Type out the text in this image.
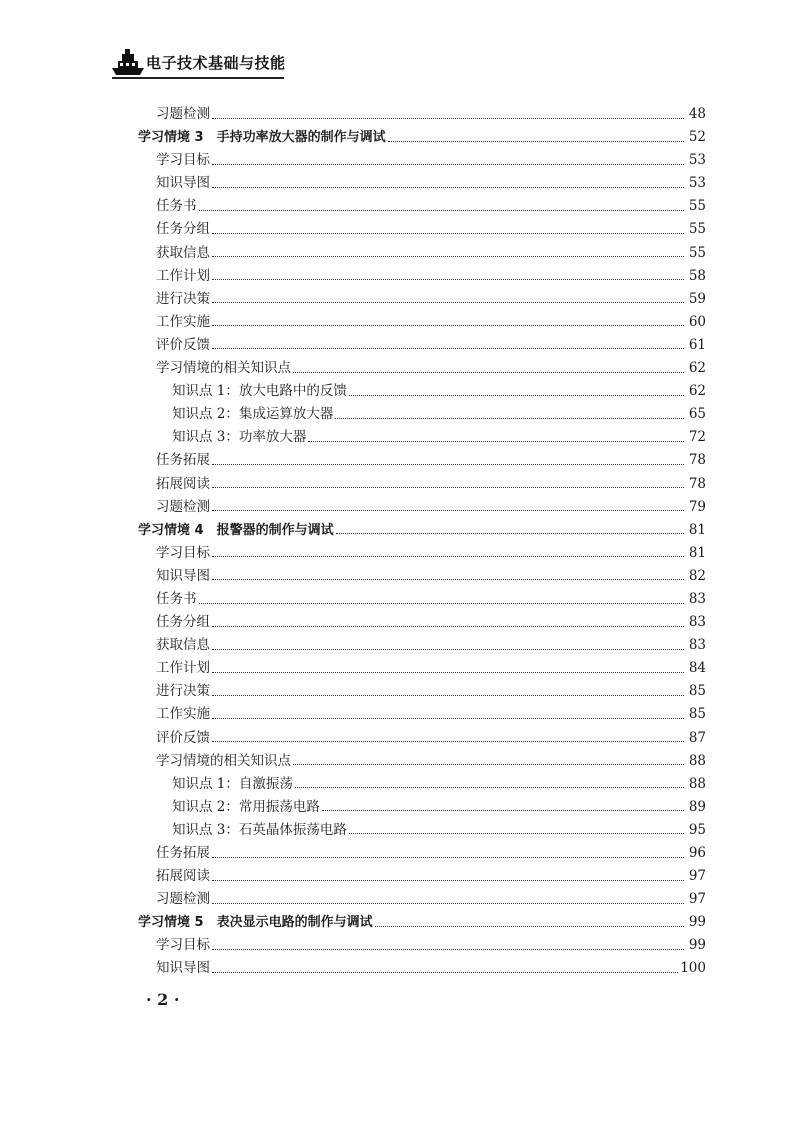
电子技术基础与技能
习题检测	48
学习情境 3　手持功率放大器的制作与调试	52
学习目标	53
知识导图	53
任务书	55
任务分组	55
获取信息	55
工作计划	58
进行决策	59
工作实施	60
评价反馈	61
学习情境的相关知识点	62
知识点 1：放大电路中的反馈	62
知识点 2：集成运算放大器	65
知识点 3：功率放大器	72
任务拓展	78
拓展阅读	78
习题检测	79
学习情境 4　报警器的制作与调试	81
学习目标	81
知识导图	82
任务书	83
任务分组	83
获取信息	83
工作计划	84
进行决策	85
工作实施	85
评价反馈	87
学习情境的相关知识点	88
知识点 1：自激振荡	88
知识点 2：常用振荡电路	89
知识点 3：石英晶体振荡电路	95
任务拓展	96
拓展阅读	97
习题检测	97
学习情境 5　表决显示电路的制作与调试	99
学习目标	99
知识导图	100
· 2 ·
